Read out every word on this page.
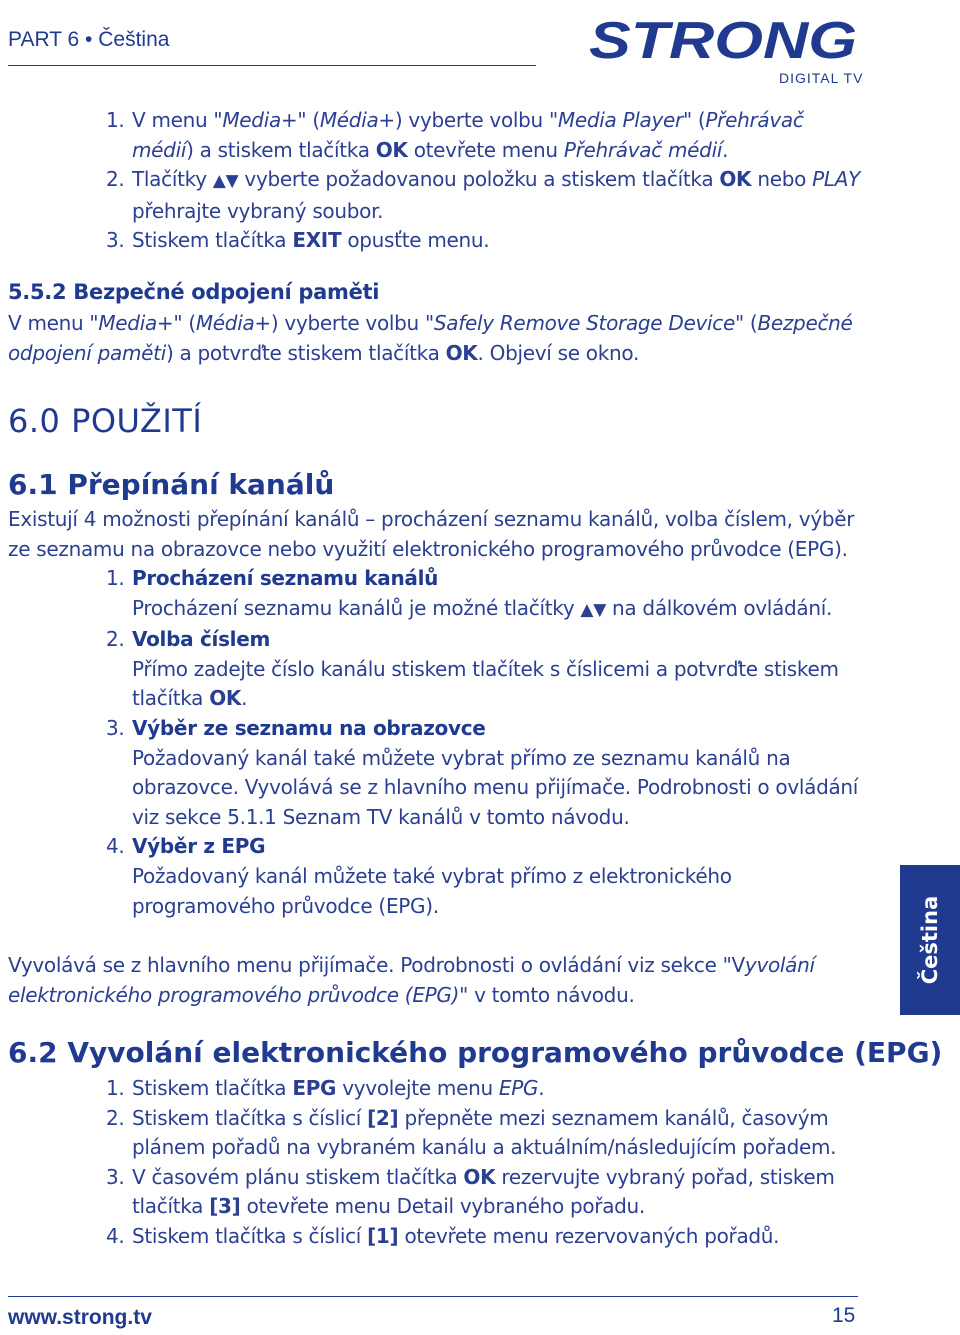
PART 6 • Čeština	STRONG
DIGITAL TV
1. V menu "Media+" (Média+) vyberte volbu "Media Player" (Přehrávač médií) a stiskem tlačítka OK otevřete menu Přehrávač médií.
2. Tlačítky ▲▼ vyberte požadovanou položku a stiskem tlačítka OK nebo PLAY přehrajte vybraný soubor.
3. Stiskem tlačítka EXIT opusťte menu.
5.5.2 Bezpečné odpojení paměti
V menu "Media+" (Média+) vyberte volbu "Safely Remove Storage Device" (Bezpečné odpojení paměti) a potvrďte stiskem tlačítka OK. Objeví se okno.
6.0 POUŽITÍ
6.1 Přepínání kanálů
Existují 4 možnosti přepínání kanálů – procházení seznamu kanálů, volba číslem, výběr ze seznamu na obrazovce nebo využití elektronického programového průvodce (EPG).
1. Procházení seznamu kanálů
Procházení seznamu kanálů je možné tlačítky ▲▼ na dálkovém ovládání.
2. Volba číslem
Přímo zadejte číslo kanálu stiskem tlačítek s číslicemi a potvrďte stiskem tlačítka OK.
3. Výběr ze seznamu na obrazovce
Požadovaný kanál také můžete vybrat přímo ze seznamu kanálů na obrazovce. Vyvolává se z hlavního menu přijímače. Podrobnosti o ovládání viz sekce 5.1.1 Seznam TV kanálů v tomto návodu.
4. Výběr z EPG
Požadovaný kanál můžete také vybrat přímo z elektronického programového průvodce (EPG).
Vyvolává se z hlavního menu přijímače. Podrobnosti o ovládání viz sekce "Vyvolání elektronického programového průvodce (EPG)" v tomto návodu.
6.2 Vyvolání elektronického programového průvodce (EPG)
1. Stiskem tlačítka EPG vyvolejte menu EPG.
2. Stiskem tlačítka s číslicí [2] přepněte mezi seznamem kanálů, časovým plánem pořadů na vybraném kanálu a aktuálním/následujícím pořadem.
3. V časovém plánu stiskem tlačítka OK rezervujte vybraný pořad, stiskem tlačítka [3] otevřete menu Detail vybraného pořadu.
4. Stiskem tlačítka s číslicí [1] otevřete menu rezervovaných pořadů.
Čeština
www.strong.tv	15
